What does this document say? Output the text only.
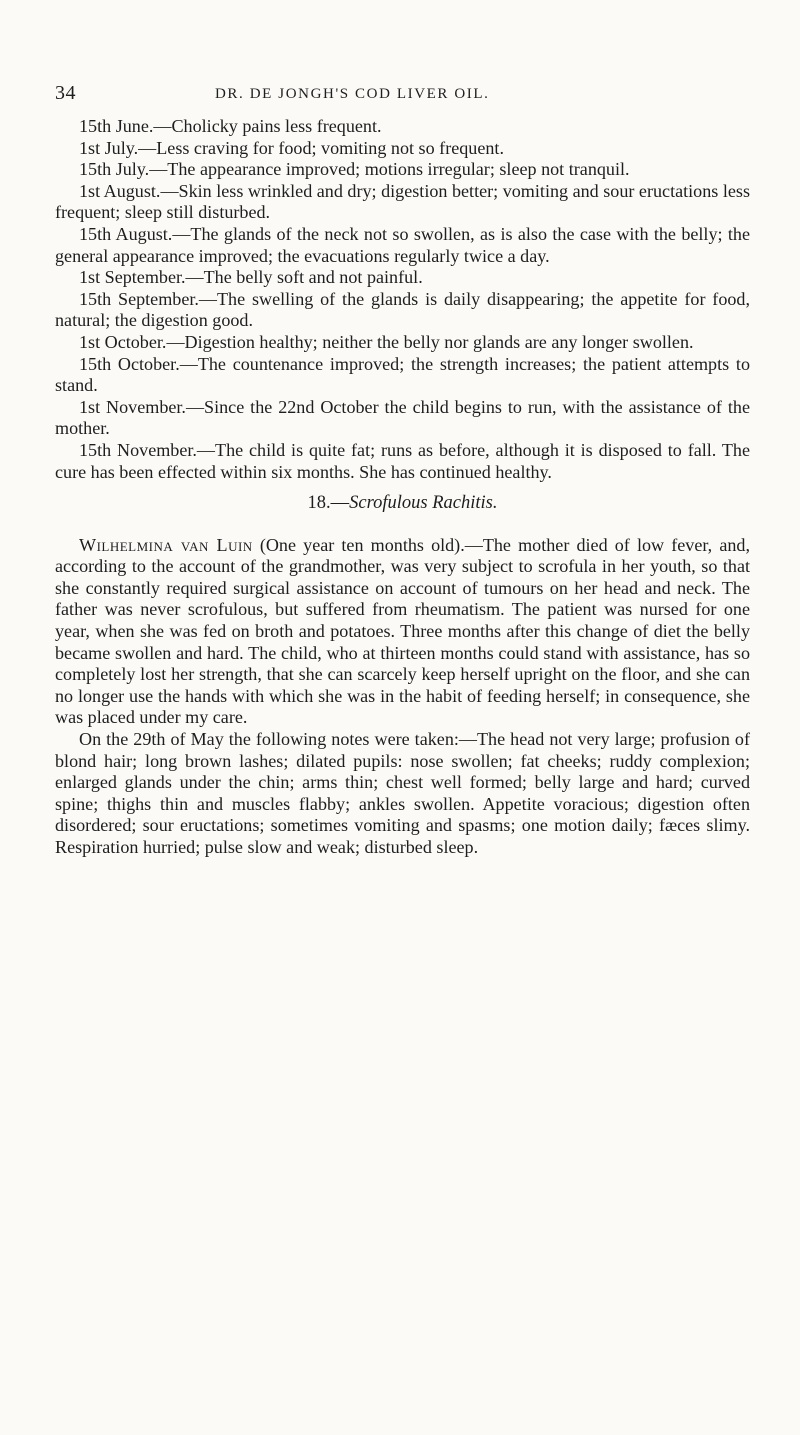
34	DR. DE JONGH'S COD LIVER OIL.

15th June.—Cholicky pains less frequent.

1st July.—Less craving for food; vomiting not so frequent.

15th July.—The appearance improved; motions irregular; sleep not tranquil.

1st August.—Skin less wrinkled and dry; digestion better; vomiting and sour eructations less frequent; sleep still disturbed.

15th August.—The glands of the neck not so swollen, as is also the case with the belly; the general appearance improved; the evacuations regularly twice a day.

1st September.—The belly soft and not painful.

15th September.—The swelling of the glands is daily disappearing; the appetite for food, natural; the digestion good.

1st October.—Digestion healthy; neither the belly nor glands are any longer swollen.

15th October.—The countenance improved; the strength increases; the patient attempts to stand.

1st November.—Since the 22nd October the child begins to run, with the assistance of the mother.

15th November.—The child is quite fat; runs as before, although it is disposed to fall. The cure has been effected within six months. She has continued healthy.

18.—Scrofulous Rachitis.

Wilhelmina van Luin (One year ten months old).—The mother died of low fever, and, according to the account of the grandmother, was very subject to scrofula in her youth, so that she constantly required surgical assistance on account of tumours on her head and neck. The father was never scrofulous, but suffered from rheumatism. The patient was nursed for one year, when she was fed on broth and potatoes. Three months after this change of diet the belly became swollen and hard. The child, who at thirteen months could stand with assistance, has so completely lost her strength, that she can scarcely keep herself upright on the floor, and she can no longer use the hands with which she was in the habit of feeding herself; in consequence, she was placed under my care.

On the 29th of May the following notes were taken:—The head not very large; profusion of blond hair; long brown lashes; dilated pupils: nose swollen; fat cheeks; ruddy complexion; enlarged glands under the chin; arms thin; chest well formed; belly large and hard; curved spine; thighs thin and muscles flabby; ankles swollen. Appetite voracious; digestion often disordered; sour eructations; sometimes vomiting and spasms; one motion daily; fæces slimy. Respiration hurried; pulse slow and weak; disturbed sleep.
